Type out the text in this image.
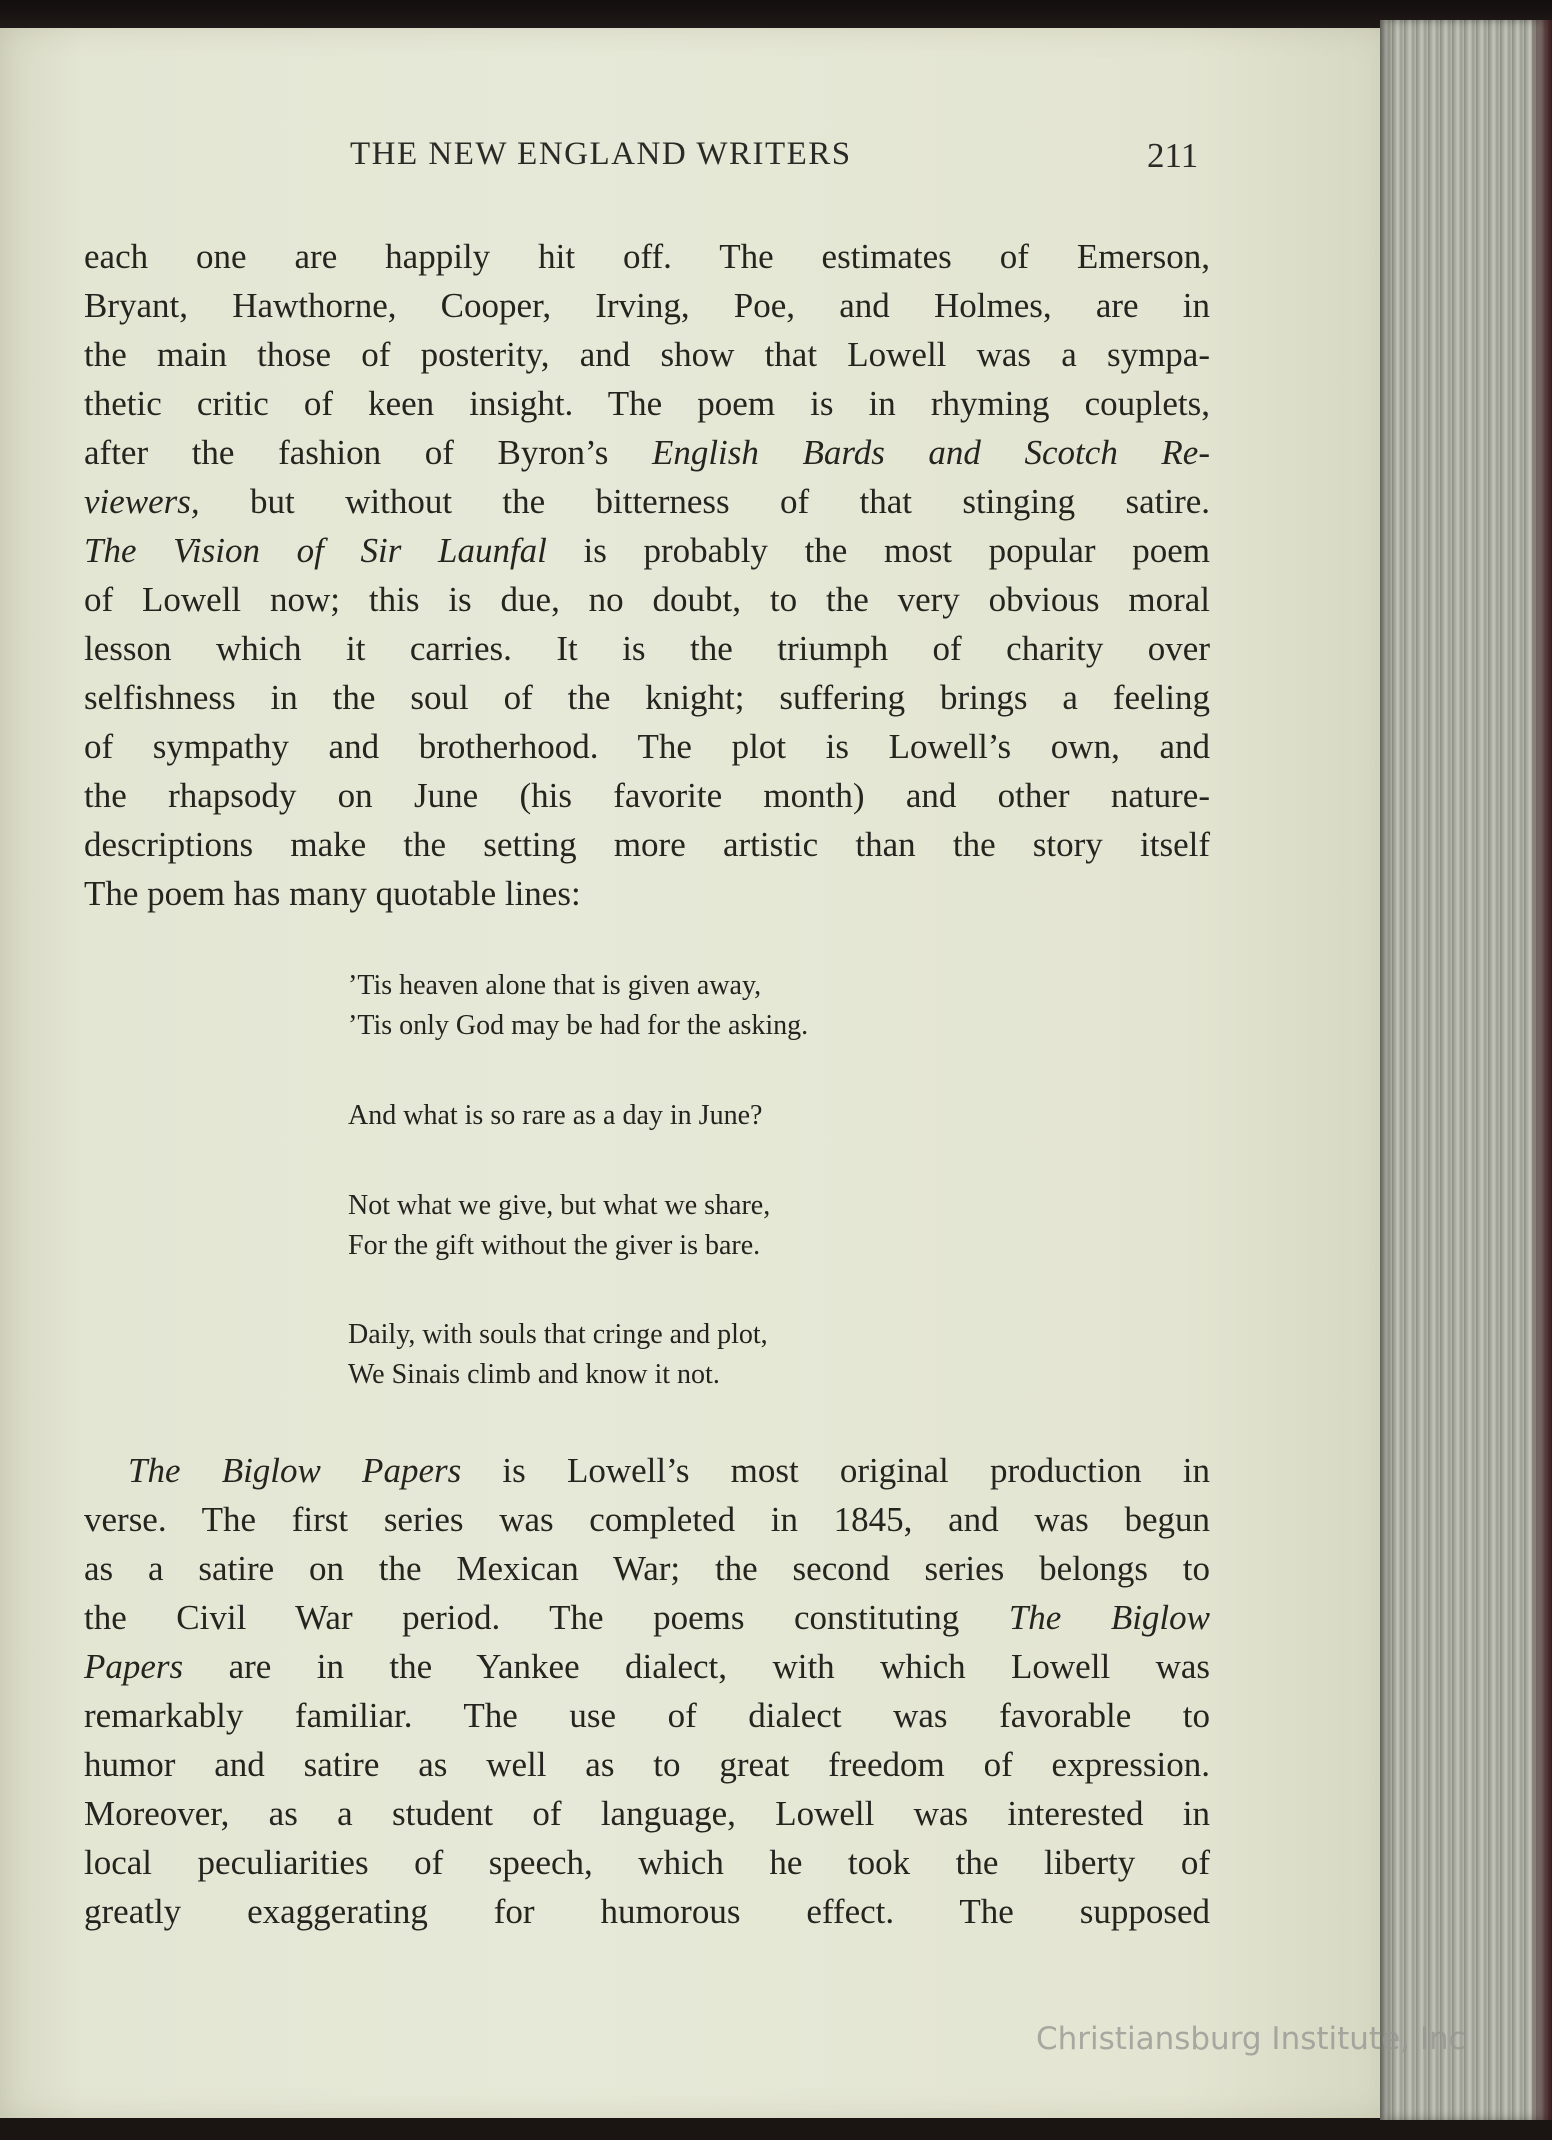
THE NEW ENGLAND WRITERS	211
each one are happily hit off. The estimates of Emerson,
Bryant, Hawthorne, Cooper, Irving, Poe, and Holmes, are in
the main those of posterity, and show that Lowell was a sympa-
thetic critic of keen insight. The poem is in rhyming couplets,
after the fashion of Byron’s English Bards and Scotch Re-
viewers, but without the bitterness of that stinging satire.
The Vision of Sir Launfal is probably the most popular poem
of Lowell now; this is due, no doubt, to the very obvious moral
lesson which it carries. It is the triumph of charity over
selfishness in the soul of the knight; suffering brings a feeling
of sympathy and brotherhood. The plot is Lowell’s own, and
the rhapsody on June (his favorite month) and other nature-
descriptions make the setting more artistic than the story itself
The poem has many quotable lines:
’Tis heaven alone that is given away,
’Tis only God may be had for the asking.
And what is so rare as a day in June?
Not what we give, but what we share,
For the gift without the giver is bare.
Daily, with souls that cringe and plot,
We Sinais climb and know it not.
The Biglow Papers is Lowell’s most original production in
verse. The first series was completed in 1845, and was begun
as a satire on the Mexican War; the second series belongs to
the Civil War period. The poems constituting The Biglow
Papers are in the Yankee dialect, with which Lowell was
remarkably familiar. The use of dialect was favorable to
humor and satire as well as to great freedom of expression.
Moreover, as a student of language, Lowell was interested in
local peculiarities of speech, which he took the liberty of
greatly exaggerating for humorous effect. The supposed
Christiansburg Institute, Inc
